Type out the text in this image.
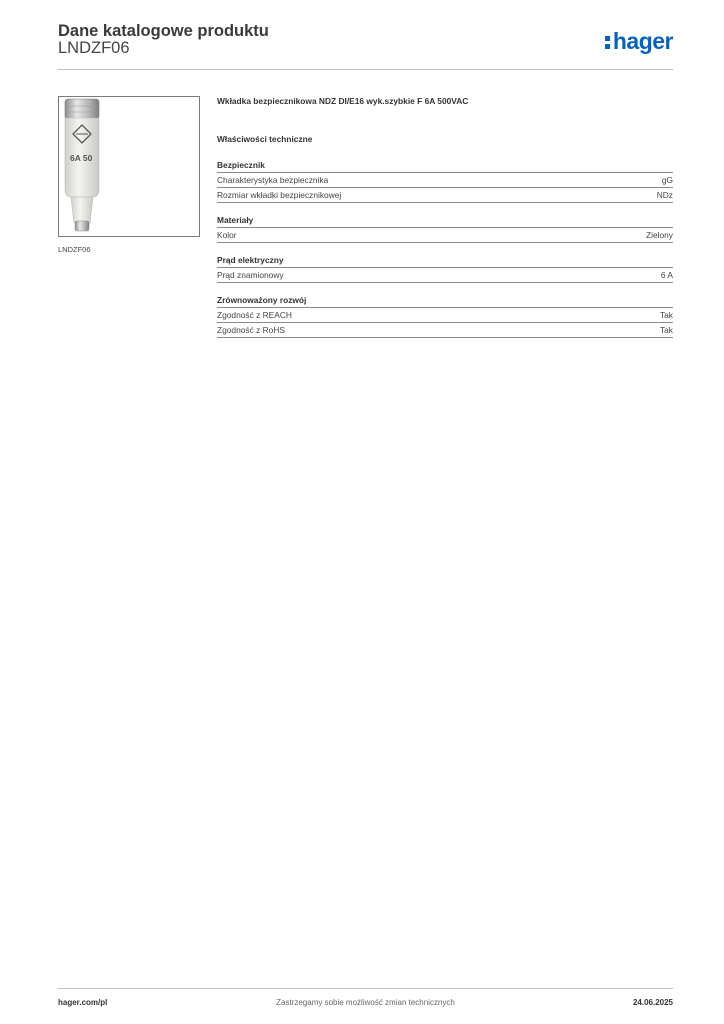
Dane katalogowe produktu
LNDZF06	hager
6A 50
LNDZF06
Wkładka bezpiecznikowa NDZ DI/E16 wyk.szybkie F 6A 500VAC
Właściwości techniczne
Bezpiecznik
Charakterystyka bezpiecznika	gG
Rozmiar wkładki bezpiecznikowej	NDz
Materiały
Kolor	Zielony
Prąd elektryczny
Prąd znamionowy	6 A
Zrównoważony rozwój
Zgodność z REACH	Tak
Zgodność z RoHS	Tak
hager.com/pl	Zastrzegamy sobie możliwość zmian technicznych	24.06.2025
